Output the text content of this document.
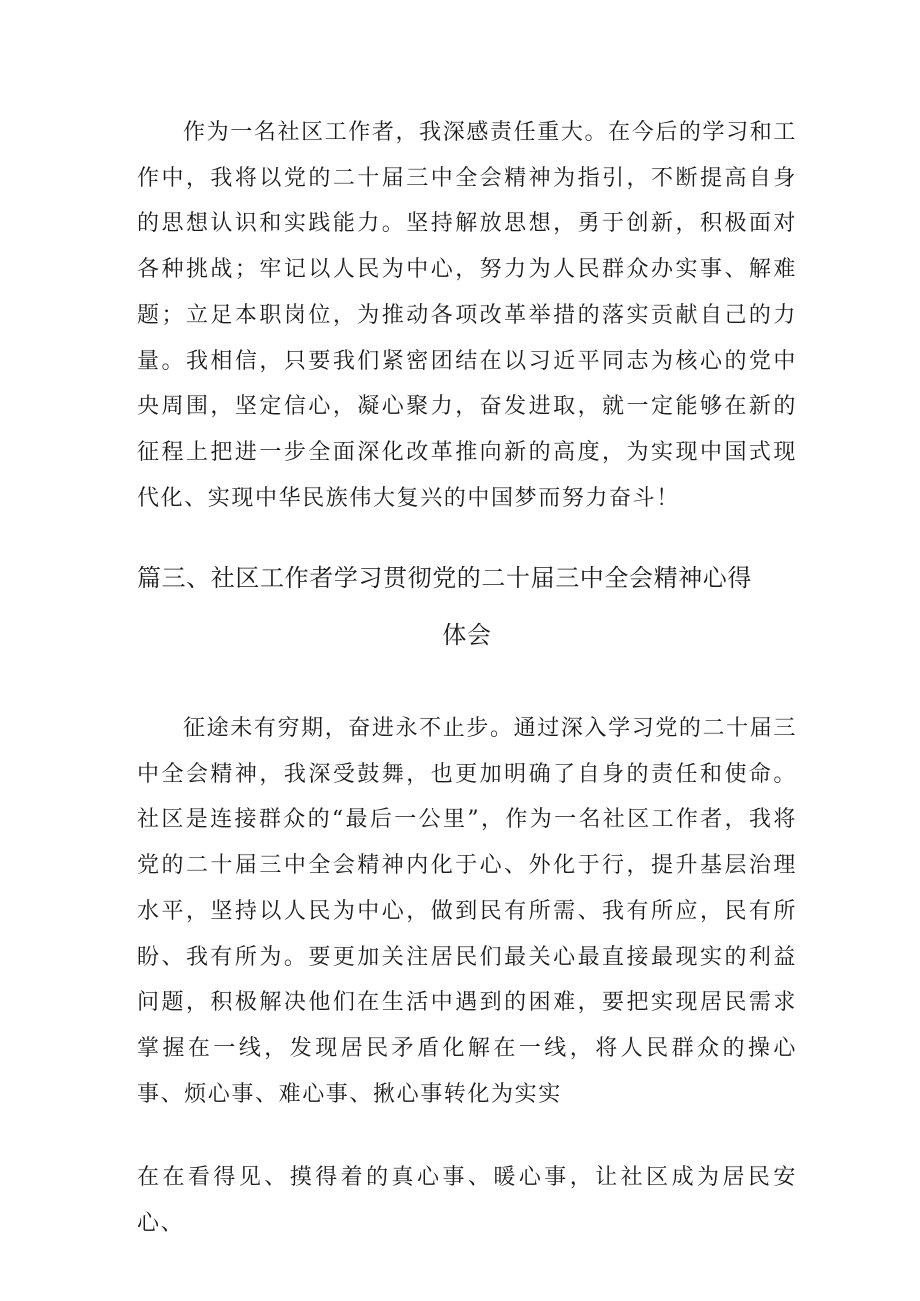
作为一名社区工作者，我深感责任重大。在今后的学习和工作中，我将以党的二十届三中全会精神为指引，不断提高自身的思想认识和实践能力。坚持解放思想，勇于创新，积极面对各种挑战；牢记以人民为中心，努力为人民群众办实事、解难题；立足本职岗位，为推动各项改革举措的落实贡献自己的力量。我相信，只要我们紧密团结在以习近平同志为核心的党中央周围，坚定信心，凝心聚力，奋发进取，就一定能够在新的征程上把进一步全面深化改革推向新的高度，为实现中国式现代化、实现中华民族伟大复兴的中国梦而努力奋斗！

篇三、社区工作者学习贯彻党的二十届三中全会精神心得
体会

征途未有穷期，奋进永不止步。通过深入学习党的二十届三中全会精神，我深受鼓舞，也更加明确了自身的责任和使命。社区是连接群众的“最后一公里”，作为一名社区工作者，我将党的二十届三中全会精神内化于心、外化于行，提升基层治理水平，坚持以人民为中心，做到民有所需、我有所应，民有所盼、我有所为。要更加关注居民们最关心最直接最现实的利益问题，积极解决他们在生活中遇到的困难，要把实现居民需求掌握在一线，发现居民矛盾化解在一线，将人民群众的操心事、烦心事、难心事、揪心事转化为实实

在在看得见、摸得着的真心事、暖心事，让社区成为居民安心、
